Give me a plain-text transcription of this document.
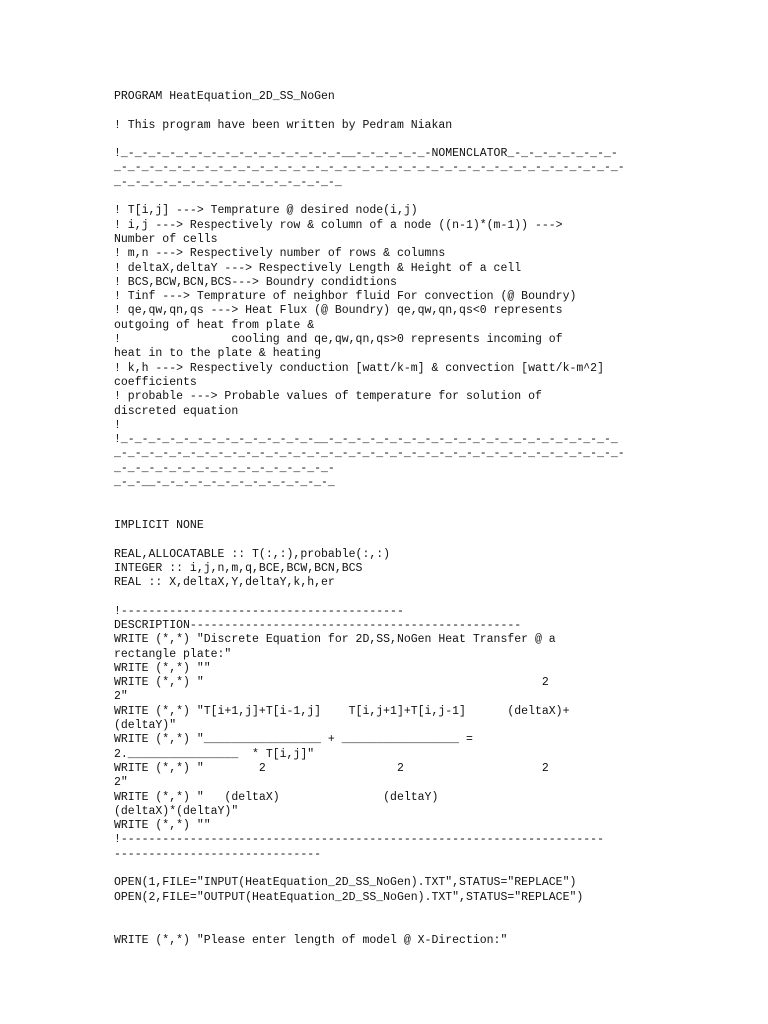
PROGRAM HeatEquation_2D_SS_NoGen
! This program have been written by Pedram Niakan
!_-_-_-_-_-_-_-_-_-_-_-_-_-_-_-_-__-_-_-_-_-_-NOMENCLATOR_-_-_-_-_-_-_-_-
_-_-_-_-_-_-_-_-_-_-_-_-_-_-_-_-_-_-_-_-_-_-_-_-_-_-_-_-_-_-_-_-_-_-_-_-_-
_-_-_-_-_-_-_-_-_-_-_-_-_-_-_-_-_
! T[i,j] ---> Temprature @ desired node(i,j)
! i,j ---> Respectively row & column of a node ((n-1)*(m-1)) --->
Number of cells
! m,n ---> Respectively number of rows & columns
! deltaX,deltaY ---> Respectively Length & Height of a cell
! BCS,BCW,BCN,BCS---> Boundry condidtions
! Tinf ---> Temprature of neighbor fluid For convection (@ Boundry)
! qe,qw,qn,qs ---> Heat Flux (@ Boundry) qe,qw,qn,qs<0 represents
outgoing of heat from plate &
!                cooling and qe,qw,qn,qs>0 represents incoming of
heat in to the plate & heating
! k,h ---> Respectively conduction [watt/k-m] & convection [watt/k-m^2]
coefficients
! probable ---> Probable values of temperature for solution of
discreted equation
!
!_-_-_-_-_-_-_-_-_-_-_-_-_-_-__-_-_-_-_-_-_-_-_-_-_-_-_-_-_-_-_-_-_-_-_-_
_-_-_-_-_-_-_-_-_-_-_-_-_-_-_-_-_-_-_-_-_-_-_-_-_-_-_-_-_-_-_-_-_-_-_-_-_-
_-_-_-_-_-_-_-_-_-_-_-_-_-_-_-_-
_-_-__-_-_-_-_-_-_-_-_-_-_-_-_-_
IMPLICIT NONE
REAL,ALLOCATABLE :: T(:,:),probable(:,:)
INTEGER :: i,j,n,m,q,BCE,BCW,BCN,BCS
REAL :: X,deltaX,Y,deltaY,k,h,er
!-----------------------------------------
DESCRIPTION------------------------------------------------
WRITE (*,*) "Discrete Equation for 2D,SS,NoGen Heat Transfer @ a
rectangle plate:"
WRITE (*,*) ""
WRITE (*,*) "                                                 2
2"
WRITE (*,*) "T[i+1,j]+T[i-1,j]    T[i,j+1]+T[i,j-1]      (deltaX)+
(deltaY)"
WRITE (*,*) "_________________ + _________________ =
2.________________  * T[i,j]"
WRITE (*,*) "        2                   2                    2
2"
WRITE (*,*) "   (deltaX)               (deltaY)
(deltaX)*(deltaY)"
WRITE (*,*) ""
!----------------------------------------------------------------------
------------------------------
OPEN(1,FILE="INPUT(HeatEquation_2D_SS_NoGen).TXT",STATUS="REPLACE")
OPEN(2,FILE="OUTPUT(HeatEquation_2D_SS_NoGen).TXT",STATUS="REPLACE")
WRITE (*,*) "Please enter length of model @ X-Direction:"
